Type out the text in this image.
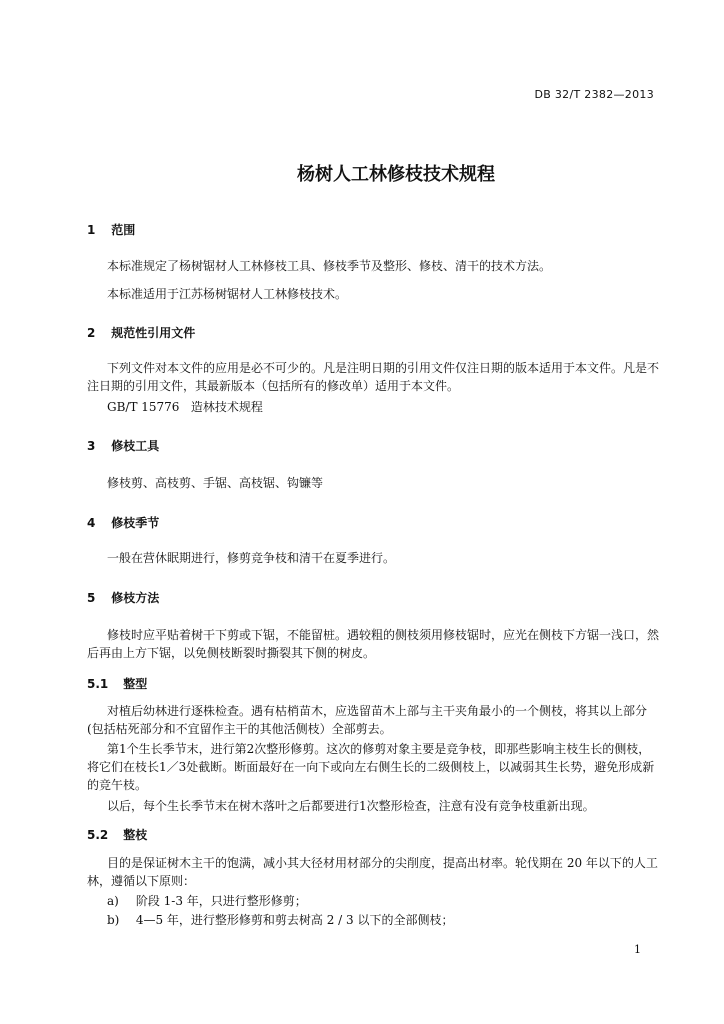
DB 32/T 2382—2013
杨树人工林修枝技术规程
1 范围
本标准规定了杨树锯材人工林修枝工具、修枝季节及整形、修枝、清干的技术方法。
本标准适用于江苏杨树锯材人工林修枝技术。
2 规范性引用文件
下列文件对本文件的应用是必不可少的。凡是注明日期的引用文件仅注日期的版本适用于本文件。凡是不注日期的引用文件，其最新版本（包括所有的修改单）适用于本文件。
GB/T 15776 造林技术规程
3 修枝工具
修枝剪、高枝剪、手锯、高枝锯、钩镰等
4 修枝季节
一般在营休眠期进行，修剪竞争枝和清干在夏季进行。
5 修枝方法
修枝时应平贴着树干下剪或下锯，不能留桩。遇较粗的侧枝须用修枝锯时，应光在侧枝下方锯一浅口，然后再由上方下锯，以免侧枝断裂时撕裂其下侧的树皮。
5.1 整型
对植后幼林进行逐株检查。遇有枯梢苗木，应选留苗木上部与主干夹角最小的一个侧枝，将其以上部分(包括枯死部分和不宜留作主干的其他活侧枝）全部剪去。
第1个生长季节末，进行第2次整形修剪。这次的修剪对象主要是竞争枝，即那些影响主枝生长的侧枝，将它们在枝长1／3处截断。断面最好在一向下或向左右侧生长的二级侧枝上，以减弱其生长势，避免形成新的竞午枝。
以后，每个生长季节末在树木落叶之后都要进行1次整形检查，注意有没有竞争枝重新出现。
5.2 整枝
目的是保证树木主干的饱满，减小其大径材用材部分的尖削度，提高出材率。轮伐期在 20 年以下的人工林，遵循以下原则：
a) 阶段 1-3 年，只进行整形修剪；
b) 4—5 年，进行整形修剪和剪去树高 2 / 3 以下的全部侧枝；
1
